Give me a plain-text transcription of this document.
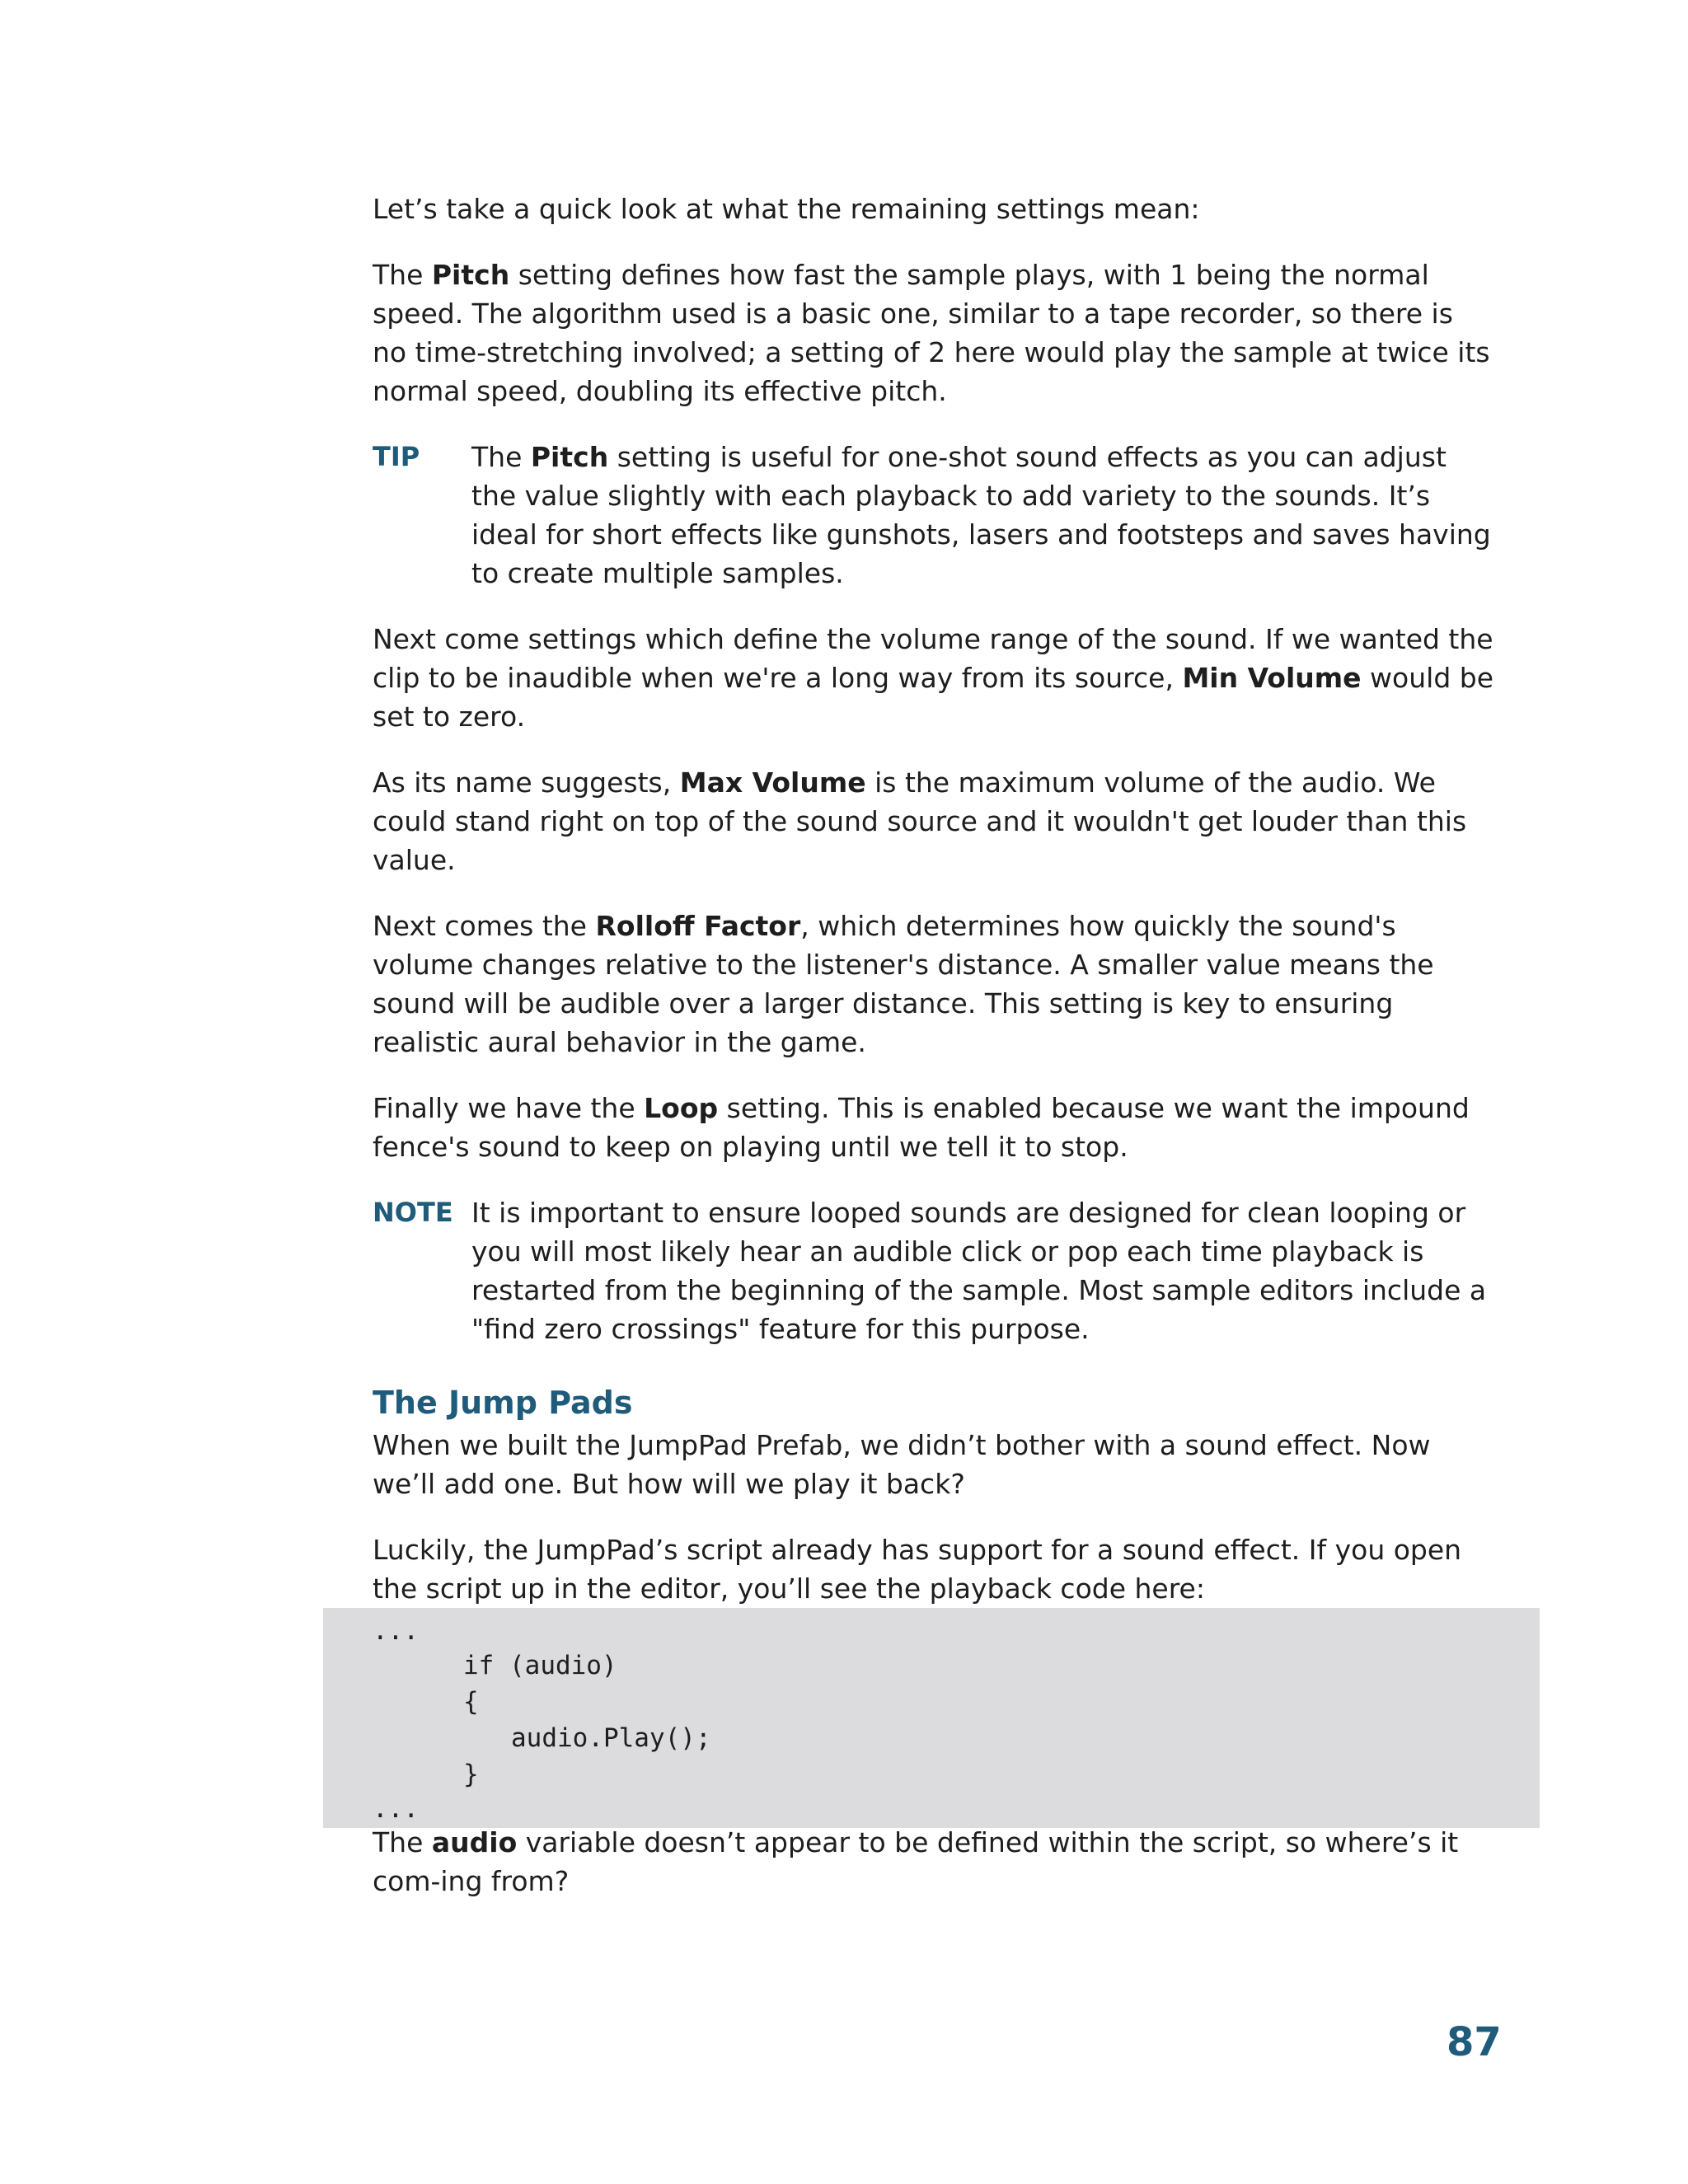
Let’s take a quick look at what the remaining settings mean:

The Pitch setting defines how fast the sample plays, with 1 being the normal speed. The algorithm used is a basic one, similar to a tape recorder, so there is no time-stretching involved; a setting of 2 here would play the sample at twice its normal speed, doubling its effective pitch.

TIP	The Pitch setting is useful for one-shot sound effects as you can adjust the value slightly with each playback to add variety to the sounds. It’s ideal for short effects like gunshots, lasers and footsteps and saves having to create multiple samples.

Next come settings which define the volume range of the sound. If we wanted the clip to be inaudible when we're a long way from its source, Min Volume would be set to zero.

As its name suggests, Max Volume is the maximum volume of the audio. We could stand right on top of the sound source and it wouldn't get louder than this value.

Next comes the Rolloff Factor, which determines how quickly the sound's volume changes relative to the listener's distance. A smaller value means the sound will be audible over a larger distance. This setting is key to ensuring realistic aural behavior in the game.

Finally we have the Loop setting. This is enabled because we want the impound fence's sound to keep on playing until we tell it to stop.

NOTE It is important to ensure looped sounds are designed for clean looping or you will most likely hear an audible click or pop each time playback is restarted from the beginning of the sample. Most sample editors include a "find zero crossings" feature for this purpose.
The Jump Pads

When we built the JumpPad Prefab, we didn’t bother with a sound effect. Now we’ll add one. But how will we play it back?

Luckily, the JumpPad’s script already has support for a sound effect. If you open the script up in the editor, you’ll see the playback code here:

...
if (audio)
{
audio.Play();
}
...

The audio variable doesn’t appear to be defined within the script, so where’s it com-ing from?

87
